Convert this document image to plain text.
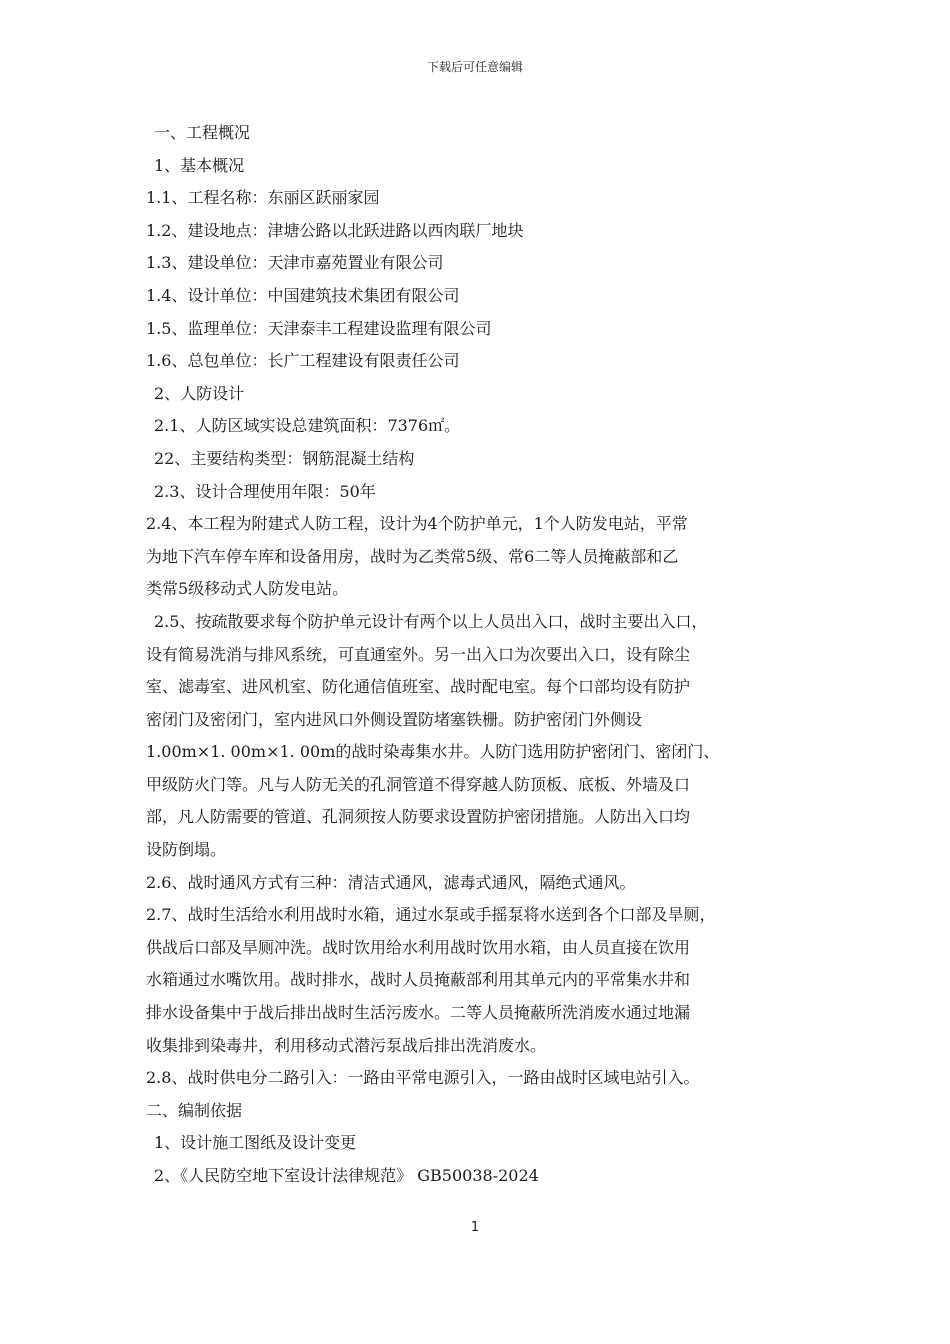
下载后可任意编辑
一、工程概况
1、基本概况
1.1、工程名称：东丽区跃丽家园
1.2、建设地点：津塘公路以北跃进路以西肉联厂地块
1.3、建设单位：天津市嘉苑置业有限公司
1.4、设计单位：中国建筑技术集团有限公司
1.5、监理单位：天津泰丰工程建设监理有限公司
1.6、总包单位：长广工程建设有限责任公司
2、人防设计
2.1、人防区域实设总建筑面积：7376㎡。
22、主要结构类型：钢筋混凝土结构
2.3、设计合理使用年限：50年
2.4、本工程为附建式人防工程，设计为4个防护单元，1个人防发电站，平常
为地下汽车停车库和设备用房，战时为乙类常5级、常6二等人员掩蔽部和乙
类常5级移动式人防发电站。
2.5、按疏散要求每个防护单元设计有两个以上人员出入口，战时主要出入口，
设有简易洗消与排风系统，可直通室外。另一出入口为次要出入口，设有除尘
室、滤毒室、进风机室、防化通信值班室、战时配电室。每个口部均设有防护
密闭门及密闭门，室内进风口外侧设置防堵塞铁栅。防护密闭门外侧设
1.00m×1. 00m×1. 00m的战时染毒集水井。人防门选用防护密闭门、密闭门、
甲级防火门等。凡与人防无关的孔洞管道不得穿越人防顶板、底板、外墙及口
部，凡人防需要的管道、孔洞须按人防要求设置防护密闭措施。人防出入口均
设防倒塌。
2.6、战时通风方式有三种：清洁式通风，滤毒式通风，隔绝式通风。
2.7、战时生活给水利用战时水箱，通过水泵或手摇泵将水送到各个口部及旱厕，
供战后口部及旱厕冲洗。战时饮用给水利用战时饮用水箱，由人员直接在饮用
水箱通过水嘴饮用。战时排水，战时人员掩蔽部利用其单元内的平常集水井和
排水设备集中于战后排出战时生活污废水。二等人员掩蔽所洗消废水通过地漏
收集排到染毒井，利用移动式潜污泵战后排出洗消废水。
2.8、战时供电分二路引入：一路由平常电源引入，一路由战时区域电站引入。
二、编制依据
1、设计施工图纸及设计变更
2、《人民防空地下室设计法律规范》 GB50038-2024
1
